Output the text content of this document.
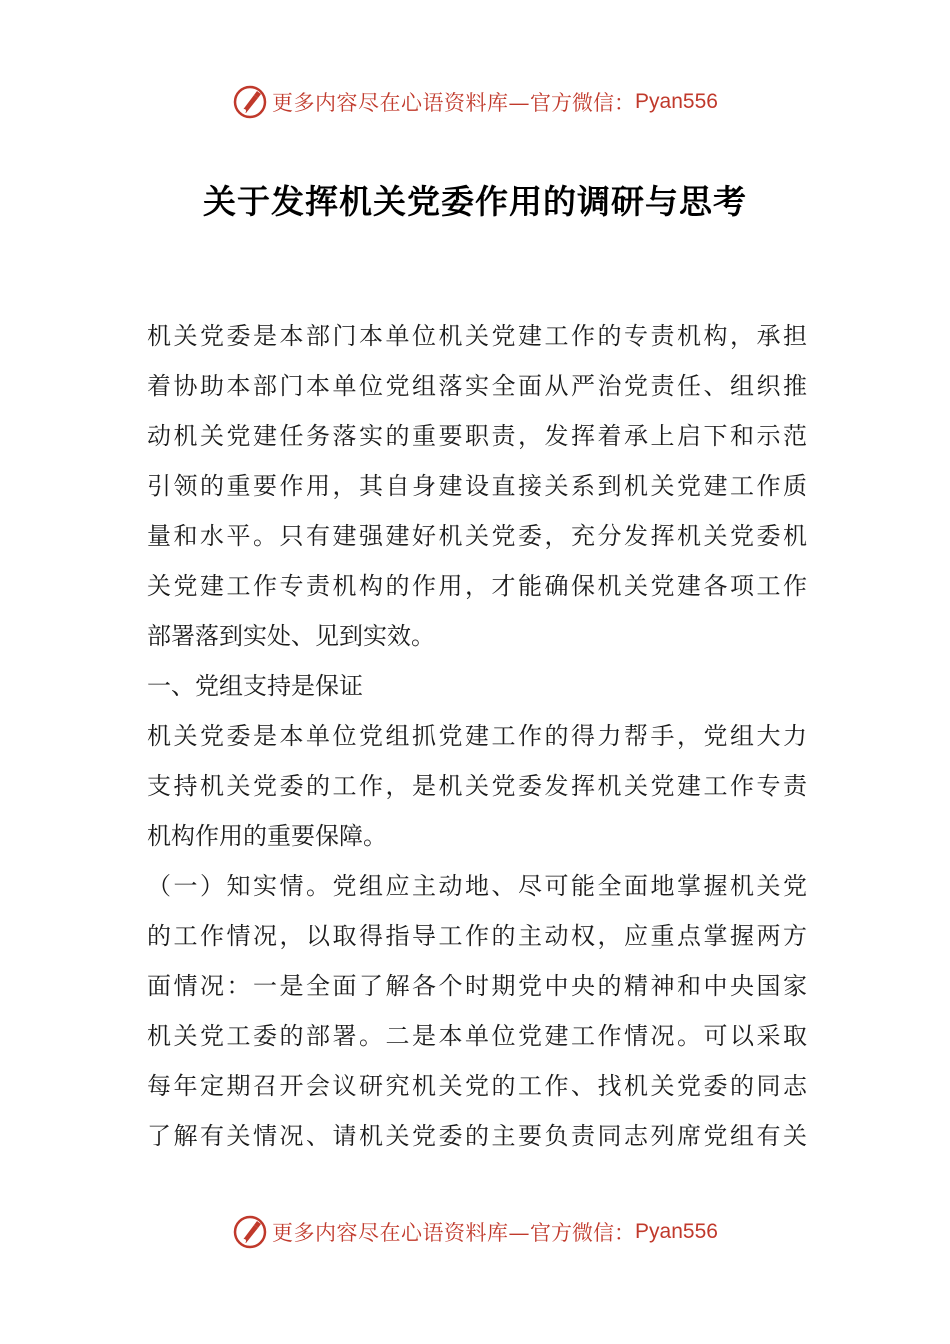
更多内容尽在心语资料库— 官方微信： Pyan556
关于发挥机关党委作用的调研与思考
机关党委是本部门本单位机关党建工作的专责机构，承担
着协助本部门本单位党组落实全面从严治党责任、组织推
动机关党建任务落实的重要职责，发挥着承上启下和示范
引领的重要作用，其自身建设直接关系到机关党建工作质
量和水平。只有建强建好机关党委，充分发挥机关党委机
关党建工作专责机构的作用，才能确保机关党建各项工作
部署落到实处、见到实效。
一、党组支持是保证
机关党委是本单位党组抓党建工作的得力帮手，党组大力
支持机关党委的工作，是机关党委发挥机关党建工作专责
机构作用的重要保障。
（一）知实情。党组应主动地、尽可能全面地掌握机关党
的工作情况，以取得指导工作的主动权，应重点掌握两方
面情况：一是全面了解各个时期党中央的精神和中央国家
机关党工委的部署。二是本单位党建工作情况。可以采取
每年定期召开会议研究机关党的工作、找机关党委的同志
了解有关情况、请机关党委的主要负责同志列席党组有关
更多内容尽在心语资料库— 官方微信： Pyan556
